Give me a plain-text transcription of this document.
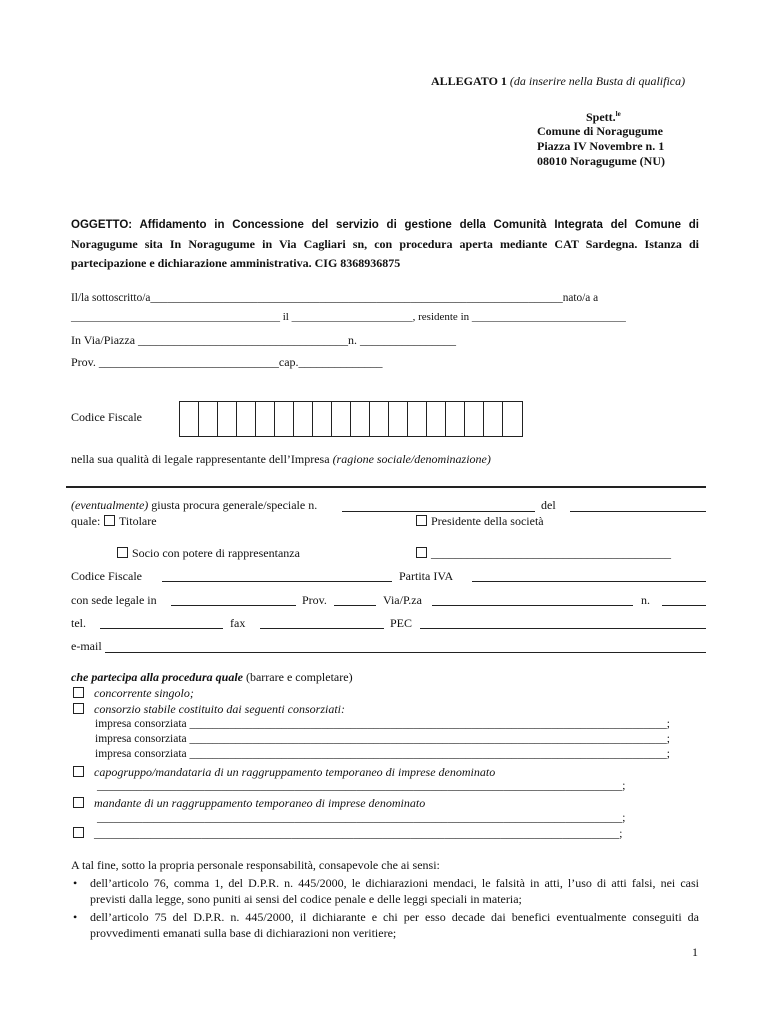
ALLEGATO 1 (da inserire nella Busta di qualifica)
Spett.$^{le}$
Comune di Noragugume
Piazza IV Novembre n. 1
08010 Noragugume (NU)
OGGETTO: Affidamento in Concessione del servizio di gestione della Comunità Integrata del Comune di
Noragugume sita In Noragugume in Via Cagliari sn, con procedura aperta mediante CAT Sardegna. Istanza di
partecipazione e dichiarazione amministrativa. CIG 8368936875
Il/la sottoscritto/a_________________________________________________________________________nato/a a
______________________________________ il ______________________, residente in ____________________________
In Via/Piazza ___________________________________n. ________________
Prov. ______________________________cap.______________
Codice Fiscale
nella sua qualità di legale rappresentante dell’Impresa (ragione sociale/denominazione)
(eventualmente) giusta procura generale/speciale n.	del
quale:	Titolare	Presidente della società
Socio con potere di rappresentanza	________________________________________
Codice Fiscale	Partita IVA
con sede legale in	Prov.	Via/P.za	n.
tel.	fax	PEC
e-mail
che partecipa alla procedura quale (barrare e completare)
concorrente singolo;
consorzio stabile costituito dai seguenti consorziati:
impresa consorziata ___________________________________________________________________________________;
impresa consorziata ___________________________________________________________________________________;
impresa consorziata ___________________________________________________________________________________;
capogruppo/mandataria di un raggruppamento temporaneo di imprese denominato
_____________________________________________________________________________________________;
mandante di un raggruppamento temporaneo di imprese denominato
_____________________________________________________________________________________________;
_____________________________________________________________________________________________;
A tal fine, sotto la propria personale responsabilità, consapevole che ai sensi:
• dell’articolo 76, comma 1, del D.P.R. n. 445/2000, le dichiarazioni mendaci, le falsità in atti, l’uso di atti falsi, nei casi
previsti dalla legge, sono puniti ai sensi del codice penale e delle leggi speciali in materia;
• dell’articolo 75 del D.P.R. n. 445/2000, il dichiarante e chi per esso decade dai benefici eventualmente conseguiti da
provvedimenti emanati sulla base di dichiarazioni non veritiere;
1
